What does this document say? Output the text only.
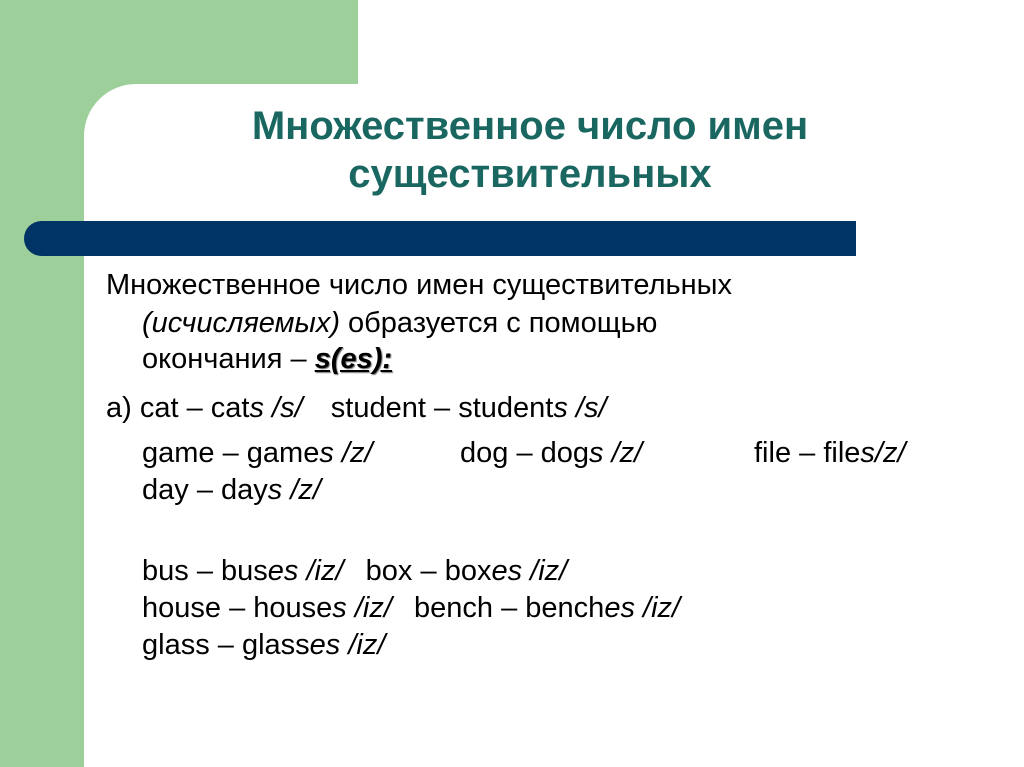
Множественное число имен
существительных
Множественное число имен существительных
(исчисляемых) образуется с помощью
окончания – s(es):
a) cat – cats /s/ student – students /s/
game – games /z/	dog – dogs /z/	file – files/z/
day – days /z/
bus – buses /iz/ box – boxes /iz/
house – houses /iz/ bench – benches /iz/
glass – glasses /iz/
